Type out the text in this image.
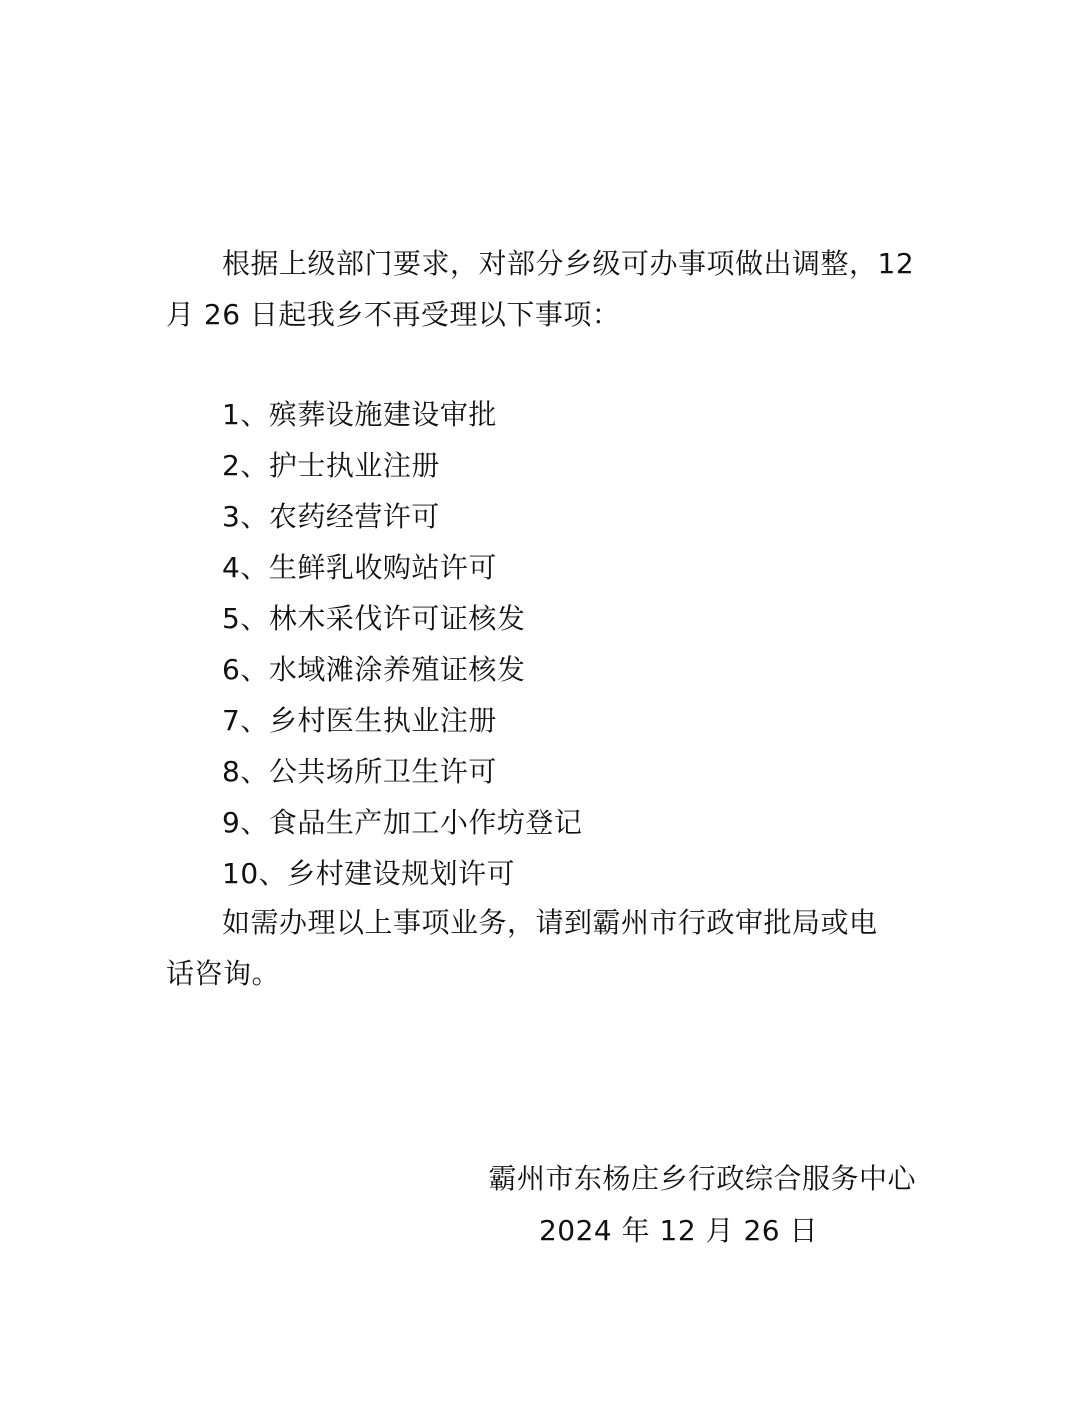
根据上级部门要求，对部分乡级可办事项做出调整，12
月 26 日起我乡不再受理以下事项：
1、殡葬设施建设审批
2、护士执业注册
3、农药经营许可
4、生鲜乳收购站许可
5、林木采伐许可证核发
6、水域滩涂养殖证核发
7、乡村医生执业注册
8、公共场所卫生许可
9、食品生产加工小作坊登记
10、乡村建设规划许可
如需办理以上事项业务，请到霸州市行政审批局或电
话咨询。
霸州市东杨庄乡行政综合服务中心
2024 年 12 月 26 日
